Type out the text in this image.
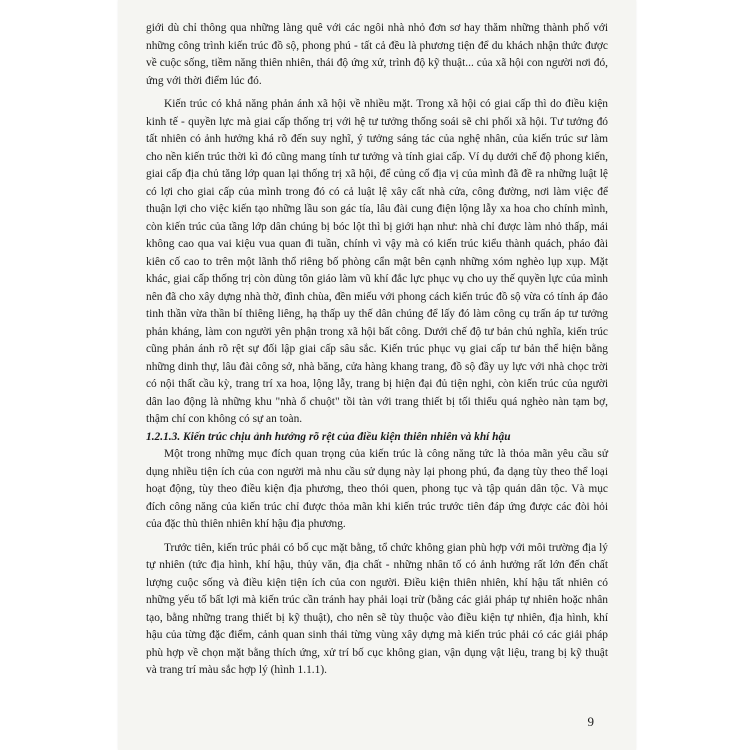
giới dù chỉ thông qua những làng quê với các ngôi nhà nhỏ đơn sơ hay thăm những thành phố với những công trình kiến trúc đồ sộ, phong phú - tất cả đều là phương tiện để du khách nhận thức được về cuộc sống, tiềm năng thiên nhiên, thái độ ứng xử, trình độ kỹ thuật... của xã hội con người nơi đó, ứng với thời điểm lúc đó.

Kiến trúc có khả năng phản ánh xã hội về nhiều mặt. Trong xã hội có giai cấp thì do điều kiện kinh tế - quyền lực mà giai cấp thống trị với hệ tư tưởng thống soái sẽ chi phối xã hội. Tư tưởng đó tất nhiên có ảnh hưởng khá rõ đến suy nghĩ, ý tưởng sáng tác của nghệ nhân, của kiến trúc sư làm cho nền kiến trúc thời kì đó cũng mang tính tư tưởng và tính giai cấp. Ví dụ dưới chế độ phong kiến, giai cấp địa chủ tăng lớp quan lại thống trị xã hội, để củng cố địa vị của mình đã đề ra những luật lệ có lợi cho giai cấp của mình trong đó có cả luật lệ xây cất nhà cửa, công đường, nơi làm việc để thuận lợi cho việc kiến tạo những lầu son gác tía, lâu đài cung điện lộng lẫy xa hoa cho chính mình, còn kiến trúc của tầng lớp dân chúng bị bóc lột thì bị giới hạn như: nhà chỉ được làm nhỏ thấp, mái không cao qua vai kiệu vua quan đi tuần, chính vì vậy mà có kiến trúc kiểu thành quách, pháo đài kiên cố cao to trên một lãnh thổ riêng bố phòng cẩn mật bên cạnh những xóm nghèo lụp xụp. Mặt khác, giai cấp thống trị còn dùng tôn giáo làm vũ khí đắc lực phục vụ cho uy thế quyền lực của mình nên đã cho xây dựng nhà thờ, đình chùa, đền miếu với phong cách kiến trúc đồ sộ vừa có tính áp đảo tinh thần vừa thần bí thiêng liêng, hạ thấp uy thế dân chúng để lấy đó làm công cụ trấn áp tư tưởng phản kháng, làm con người yên phận trong xã hội bất công. Dưới chế độ tư bản chủ nghĩa, kiến trúc cũng phản ánh rõ rệt sự đối lập giai cấp sâu sắc. Kiến trúc phục vụ giai cấp tư bản thể hiện bằng những dinh thự, lâu đài công sở, nhà băng, cửa hàng khang trang, đồ sộ đầy uy lực với nhà chọc trời có nội thất cầu kỳ, trang trí xa hoa, lộng lẫy, trang bị hiện đại đủ tiện nghi, còn kiến trúc của người dân lao động là những khu "nhà ổ chuột" tồi tàn với trang thiết bị tối thiểu quá nghèo nàn tạm bợ, thậm chí con không có sự an toàn.

1.2.1.3. Kiến trúc chịu ảnh hưởng rõ rệt của điều kiện thiên nhiên và khí hậu

Một trong những mục đích quan trọng của kiến trúc là công năng tức là thỏa mãn yêu cầu sử dụng nhiều tiện ích của con người mà nhu cầu sử dụng này lại phong phú, đa dạng tùy theo thể loại hoạt động, tùy theo điều kiện địa phương, theo thói quen, phong tục và tập quán dân tộc. Và mục đích công năng của kiến trúc chỉ được thỏa mãn khi kiến trúc trước tiên đáp ứng được các đòi hỏi của đặc thù thiên nhiên khí hậu địa phương.

Trước tiên, kiến trúc phải có bố cục mặt bằng, tổ chức không gian phù hợp với môi trường địa lý tự nhiên (tức địa hình, khí hậu, thủy văn, địa chất - những nhân tố có ảnh hưởng rất lớn đến chất lượng cuộc sống và điều kiện tiện ích của con người. Điều kiện thiên nhiên, khí hậu tất nhiên có những yếu tố bất lợi mà kiến trúc cần tránh hay phải loại trừ (bằng các giải pháp tự nhiên hoặc nhân tạo, bằng những trang thiết bị kỹ thuật), cho nên sẽ tùy thuộc vào điều kiện tự nhiên, địa hình, khí hậu của từng đặc điểm, cảnh quan sinh thái từng vùng xây dựng mà kiến trúc phải có các giải pháp phù hợp về chọn mặt bằng thích ứng, xử trí bố cục không gian, vận dụng vật liệu, trang bị kỹ thuật và trang trí màu sắc hợp lý (hình 1.1.1).

9
